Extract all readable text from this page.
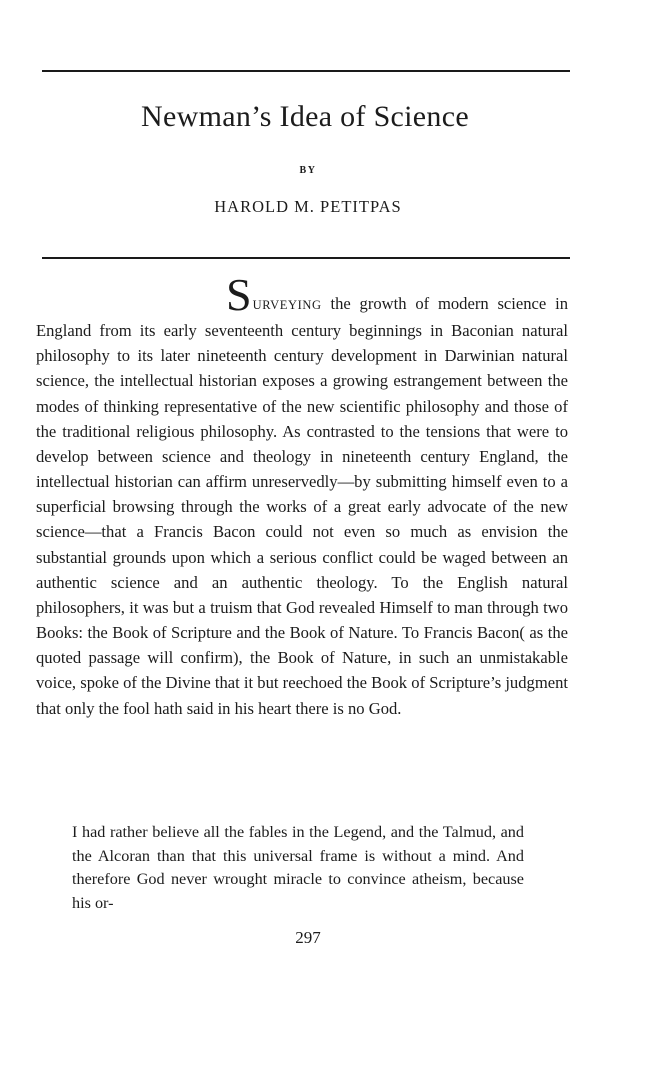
Newman’s Idea of Science
BY
HAROLD M. PETITPAS

SURVEYING the growth of modern science in England from its early seventeenth century beginnings in Baconian natural philosophy to its later nineteenth century development in Darwinian natural science, the intellectual historian exposes a growing estrangement between the modes of thinking representative of the new scientific philosophy and those of the traditional religious philosophy. As contrasted to the tensions that were to develop between science and theology in nineteenth century England, the intellectual historian can affirm unreservedly—by submitting himself even to a superficial browsing through the works of a great early advocate of the new science—that a Francis Bacon could not even so much as envision the substantial grounds upon which a serious conflict could be waged between an authentic science and an authentic theology. To the English natural philosophers, it was but a truism that God revealed Himself to man through two Books: the Book of Scripture and the Book of Nature. To Francis Bacon( as the quoted passage will confirm), the Book of Nature, in such an unmistakable voice, spoke of the Divine that it but reechoed the Book of Scripture’s judgment that only the fool hath said in his heart there is no God.

I had rather believe all the fables in the Legend, and the Talmud, and the Alcoran than that this universal frame is without a mind. And therefore God never wrought miracle to convince atheism, because his or-

297
